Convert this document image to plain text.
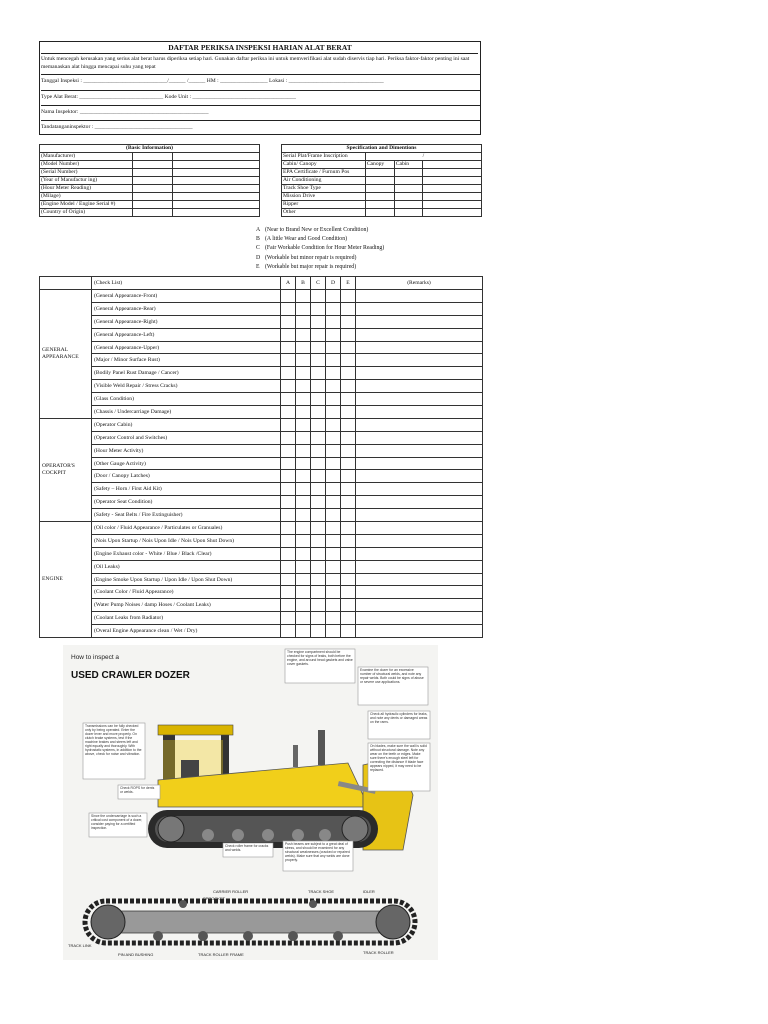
DAFTAR PERIKSA INSPEKSI HARIAN ALAT BERAT
Untuk mencegah kerusakan yang serius alat berat harus diperiksa setiap hari. Gunakan daftar periksa ini untuk memverifikasi alat sudah diservis tiap hari. Periksa faktor-faktor penting ini saat memanaskan alat hingga mencapai suhu yang tepat
Tanggal Inspeksi : ______________________________/______ /______ HM : _________________ Lokasi : __________________________________
Type Alat Berat: ______________________________ Kode Unit : _____________________________________
Nama Inspektor: ______________________________________________
Tandatanganinspektor : ___________________________________
(Basic Information)		
(Manufacturer)		
(Model Number)		
(Serial Number)		
(Year of Manufactur ing)		
(Hour Meter Reading)		
(Milage)		
(Engine Model / Engine Serial #)		
(Country of Origin)		
Specification and Dimentions			
Serial Plat/Frame Inscription	/		
Cabin/ Canopy	Canopy	Cabin	
EPA Certificate / Furnum Pos			
Air Conditioning			
Track Shoe Type			
Mission Drive			
Ripper			
Other			
A (Near to Brand New or Excellent Condition)
B (A little Wear and Good Condition)
C (Fair Workable Condition for Hour Meter Reading)
D (Workable but minor repair is required)
E (Workable but major repair is required)
	(Check List)	A	B	C	D	E	(Remarks)
GENERAL APPEARANCE	(General Appearance-Front)						
	(General Appearance-Rear)						
	(General Appearance-Right)						
	(General Appearance-Left)						
	(General Appearance-Upper)						
	(Major / Minor Surface Rust)						
	(Bodily Panel Rust Damage / Cancer)						
	(Visible Weld Repair / Stress Cracks)						
	(Glass Condition)						
	(Chassis / Undercarriage Damage)						
OPERATOR'S COCKPIT	(Operator Cabin)						
	(Operator Control and Switches)						
	(Hour Meter Activity)						
	(Other Gauge Activity)						
	(Door / Canopy Latches)						
	(Safety – Horn / First Aid Kit)						
	(Operator Seat Condition)						
	(Safety - Seat Belts / Fire Extinguisher)						
ENGINE	(Oil color / Fluid Appearance / Particulates or Granuales)						
	(Nois Upon Startup / Nois Upon Idle / Nois Upon Shut Down)						
	(Engine Exhaust color - White / Blue / Black /Clear)						
	(Oil Leaks)						
	(Engine Smoke Upon Startup / Upon Idle / Upon Shut Down)						
	(Coolant Color / Fluid Appearance)						
	(Water Pump Noises / damp Hoses / Coolant Leaks)						
	(Coolant Leaks from Radiator)						
	(Overal Engine Appearance clean / Wet / Dry)						
How to inspect a
USED CRAWLER DOZER
The engine compartment should be checked for signs of leaks, both before the engine, and around head gaskets and valve cover gaskets.
Examine the dozer for an excessive number of structural welds, and note any repair welds. Both could be signs of abuse or severe use applications.
Check all hydraulic cylinders for leaks, and note any dents or damaged areas on the rams.
On blades, make sure the wall is solid without structural damage. Note any wear on the teeth or edges. Make sure there's enough steel left for correcting the distance if blade face appears nipped, it may need to be replaced.
Transmissions can be fully checked only by being operated. Enter the dozer lever and move properly. On clutch brake systems, test if the machine brakes and steers left and right equally and thoroughly. With hydrostatic systems, in addition to the above, check for noise and vibration.
Check ROPS for dents or welds.
Since the undercarriage is such a critical cost component of a dozer, consider paying for a certified inspection.
Check roller frame for cracks and welds.
Push beams are subject to a great deal of stress, and should be examined for any structural weaknesses (cracked or repaired welds). Make sure that any welds are done properly.
CARRIER ROLLER	TRACK SHOE	IDLER
SPROCKET
TRACK LINK
PIN AND BUSHING	TRACK ROLLER FRAME	TRACK ROLLER
